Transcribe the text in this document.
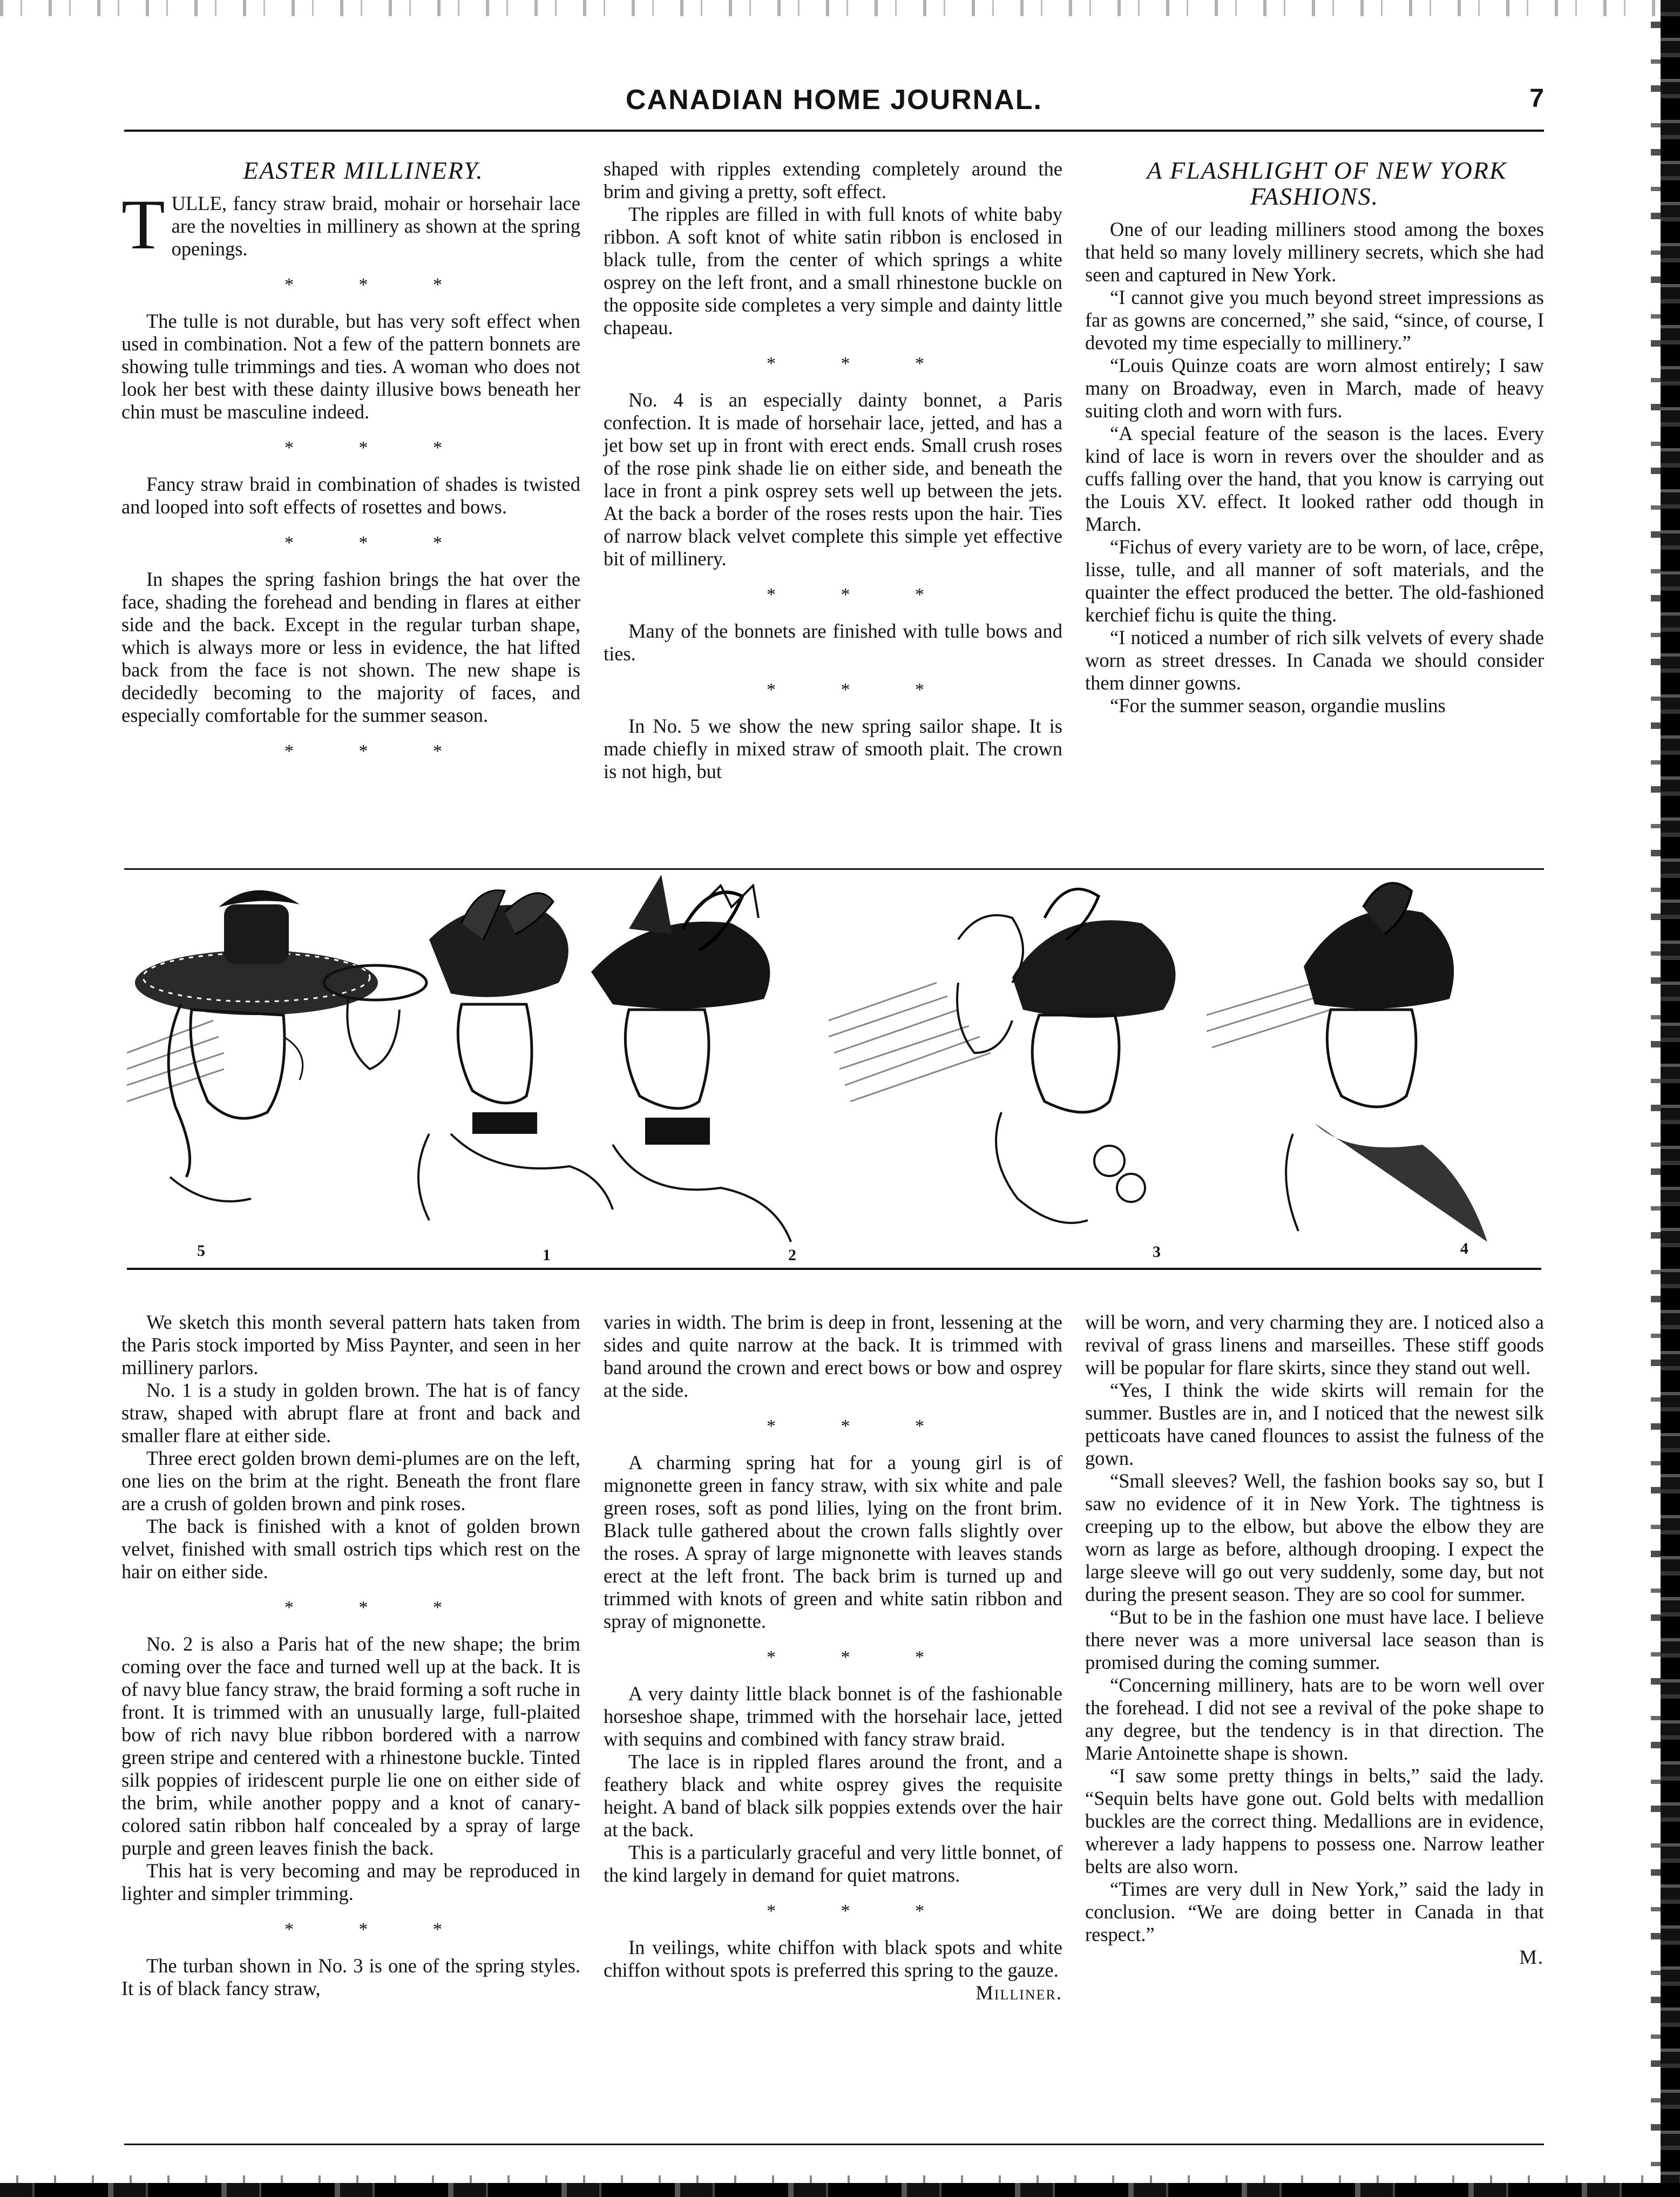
CANADIAN HOME JOURNAL.	7

EASTER MILLINERY.

TULLE, fancy straw braid, mohair or horsehair lace are the novelties in millinery as shown at the spring openings.

* * *

The tulle is not durable, but has very soft effect when used in combination. Not a few of the pattern bonnets are showing tulle trimmings and ties. A woman who does not look her best with these dainty illusive bows beneath her chin must be masculine indeed.

* * *

Fancy straw braid in combination of shades is twisted and looped into soft effects of rosettes and bows.

* * *

In shapes the spring fashion brings the hat over the face, shading the forehead and bending in flares at either side and the back. Except in the regular turban shape, which is always more or less in evidence, the hat lifted back from the face is not shown. The new shape is decidedly becoming to the majority of faces, and especially comfortable for the summer season.

* * *

shaped with ripples extending completely around the brim and giving a pretty, soft effect.

The ripples are filled in with full knots of white baby ribbon. A soft knot of white satin ribbon is enclosed in black tulle, from the center of which springs a white osprey on the left front, and a small rhinestone buckle on the opposite side completes a very simple and dainty little chapeau.

* * *

No. 4 is an especially dainty bonnet, a Paris confection. It is made of horsehair lace, jetted, and has a jet bow set up in front with erect ends. Small crush roses of the rose pink shade lie on either side, and beneath the lace in front a pink osprey sets well up between the jets. At the back a border of the roses rests upon the hair. Ties of narrow black velvet complete this simple yet effective bit of millinery.

* * *

Many of the bonnets are finished with tulle bows and ties.

* * *

In No. 5 we show the new spring sailor shape. It is made chiefly in mixed straw of smooth plait. The crown is not high, but

A FLASHLIGHT OF NEW YORK FASHIONS.

One of our leading milliners stood among the boxes that held so many lovely millinery secrets, which she had seen and captured in New York.

“I cannot give you much beyond street impressions as far as gowns are concerned,” she said, “since, of course, I devoted my time especially to millinery.”

“Louis Quinze coats are worn almost entirely; I saw many on Broadway, even in March, made of heavy suiting cloth and worn with furs.

“A special feature of the season is the laces. Every kind of lace is worn in revers over the shoulder and as cuffs falling over the hand, that you know is carrying out the Louis XV. effect. It looked rather odd though in March.

“Fichus of every variety are to be worn, of lace, crêpe, lisse, tulle, and all manner of soft materials, and the quainter the effect produced the better. The old-fashioned kerchief fichu is quite the thing.

“I noticed a number of rich silk velvets of every shade worn as street dresses. In Canada we should consider them dinner gowns.

“For the summer season, organdie muslins

5	1	2	3	4

We sketch this month several pattern hats taken from the Paris stock imported by Miss Paynter, and seen in her millinery parlors.

No. 1 is a study in golden brown. The hat is of fancy straw, shaped with abrupt flare at front and back and smaller flare at either side.

Three erect golden brown demi-plumes are on the left, one lies on the brim at the right. Beneath the front flare are a crush of golden brown and pink roses.

The back is finished with a knot of golden brown velvet, finished with small ostrich tips which rest on the hair on either side.

* * *

No. 2 is also a Paris hat of the new shape; the brim coming over the face and turned well up at the back. It is of navy blue fancy straw, the braid forming a soft ruche in front. It is trimmed with an unusually large, full-plaited bow of rich navy blue ribbon bordered with a narrow green stripe and centered with a rhinestone buckle. Tinted silk poppies of iridescent purple lie one on either side of the brim, while another poppy and a knot of canary-colored satin ribbon half concealed by a spray of large purple and green leaves finish the back.

This hat is very becoming and may be reproduced in lighter and simpler trimming.

* * *

The turban shown in No. 3 is one of the spring styles. It is of black fancy straw,

varies in width. The brim is deep in front, lessening at the sides and quite narrow at the back. It is trimmed with band around the crown and erect bows or bow and osprey at the side.

* * *

A charming spring hat for a young girl is of mignonette green in fancy straw, with six white and pale green roses, soft as pond lilies, lying on the front brim. Black tulle gathered about the crown falls slightly over the roses. A spray of large mignonette with leaves stands erect at the left front. The back brim is turned up and trimmed with knots of green and white satin ribbon and spray of mignonette.

* * *

A very dainty little black bonnet is of the fashionable horseshoe shape, trimmed with the horsehair lace, jetted with sequins and combined with fancy straw braid.

The lace is in rippled flares around the front, and a feathery black and white osprey gives the requisite height. A band of black silk poppies extends over the hair at the back.

This is a particularly graceful and very little bonnet, of the kind largely in demand for quiet matrons.

* * *

In veilings, white chiffon with black spots and white chiffon without spots is preferred this spring to the gauze.

Milliner.

will be worn, and very charming they are. I noticed also a revival of grass linens and marseilles. These stiff goods will be popular for flare skirts, since they stand out well.

“Yes, I think the wide skirts will remain for the summer. Bustles are in, and I noticed that the newest silk petticoats have caned flounces to assist the fulness of the gown.

“Small sleeves? Well, the fashion books say so, but I saw no evidence of it in New York. The tightness is creeping up to the elbow, but above the elbow they are worn as large as before, although drooping. I expect the large sleeve will go out very suddenly, some day, but not during the present season. They are so cool for summer.

“But to be in the fashion one must have lace. I believe there never was a more universal lace season than is promised during the coming summer.

“Concerning millinery, hats are to be worn well over the forehead. I did not see a revival of the poke shape to any degree, but the tendency is in that direction. The Marie Antoinette shape is shown.

“I saw some pretty things in belts,” said the lady. “Sequin belts have gone out. Gold belts with medallion buckles are the correct thing. Medallions are in evidence, wherever a lady happens to possess one. Narrow leather belts are also worn.

“Times are very dull in New York,” said the lady in conclusion. “We are doing better in Canada in that respect.”

M.
